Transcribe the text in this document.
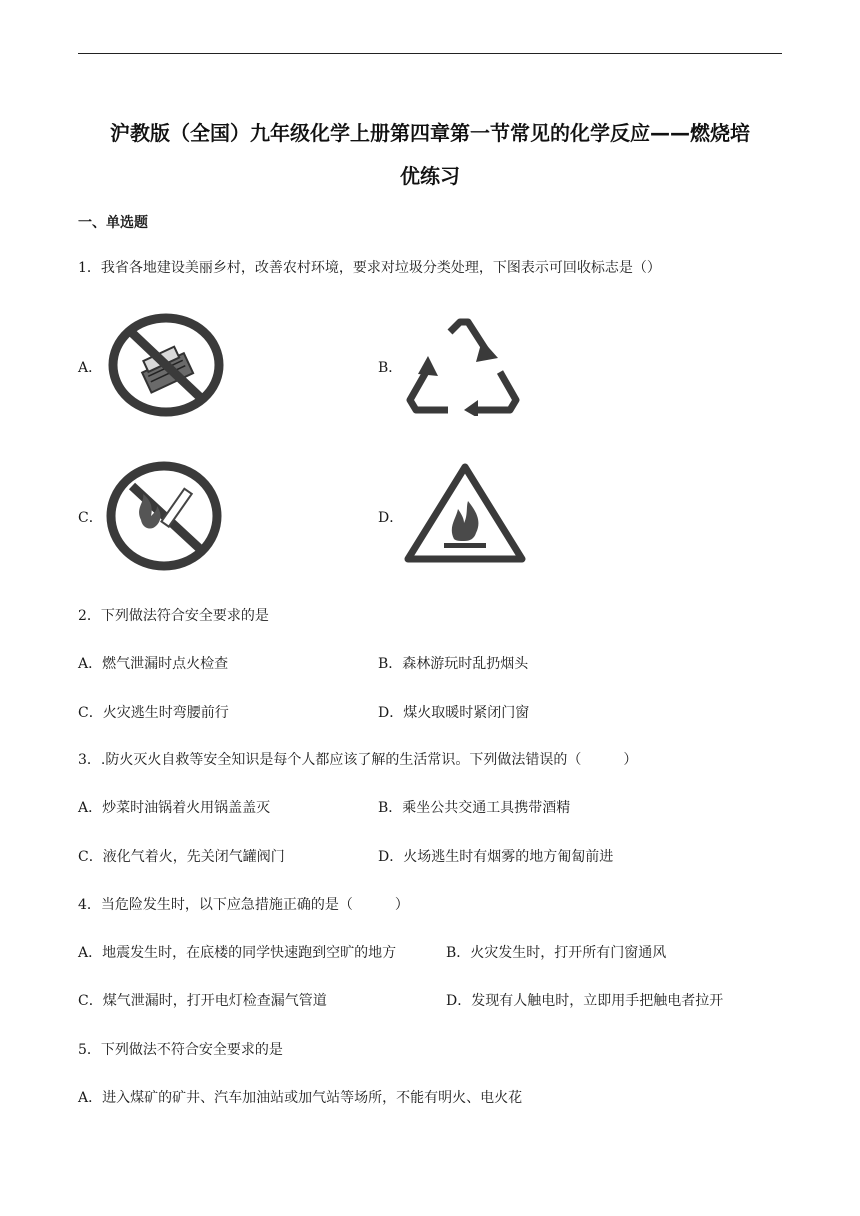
沪教版（全国）九年级化学上册第四章第一节常见的化学反应——燃烧培
优练习
一、单选题
1．我省各地建设美丽乡村，改善农村环境，要求对垃圾分类处理，下图表示可回收标志是（）
A．	B．
C．	D．
2．下列做法符合安全要求的是
A．燃气泄漏时点火检查	B．森林游玩时乱扔烟头
C．火灾逃生时弯腰前行	D．煤火取暖时紧闭门窗
3．.防火灭火自救等安全知识是每个人都应该了解的生活常识。下列做法错误的（　　　）
A．炒菜时油锅着火用锅盖盖灭	B．乘坐公共交通工具携带酒精
C．液化气着火，先关闭气罐阀门	D．火场逃生时有烟雾的地方匍匐前进
4．当危险发生时，以下应急措施正确的是（　　　）
A．地震发生时，在底楼的同学快速跑到空旷的地方	B．火灾发生时，打开所有门窗通风
C．煤气泄漏时，打开电灯检查漏气管道	D．发现有人触电时，立即用手把触电者拉开
5．下列做法不符合安全要求的是
A．进入煤矿的矿井、汽车加油站或加气站等场所，不能有明火、电火花
